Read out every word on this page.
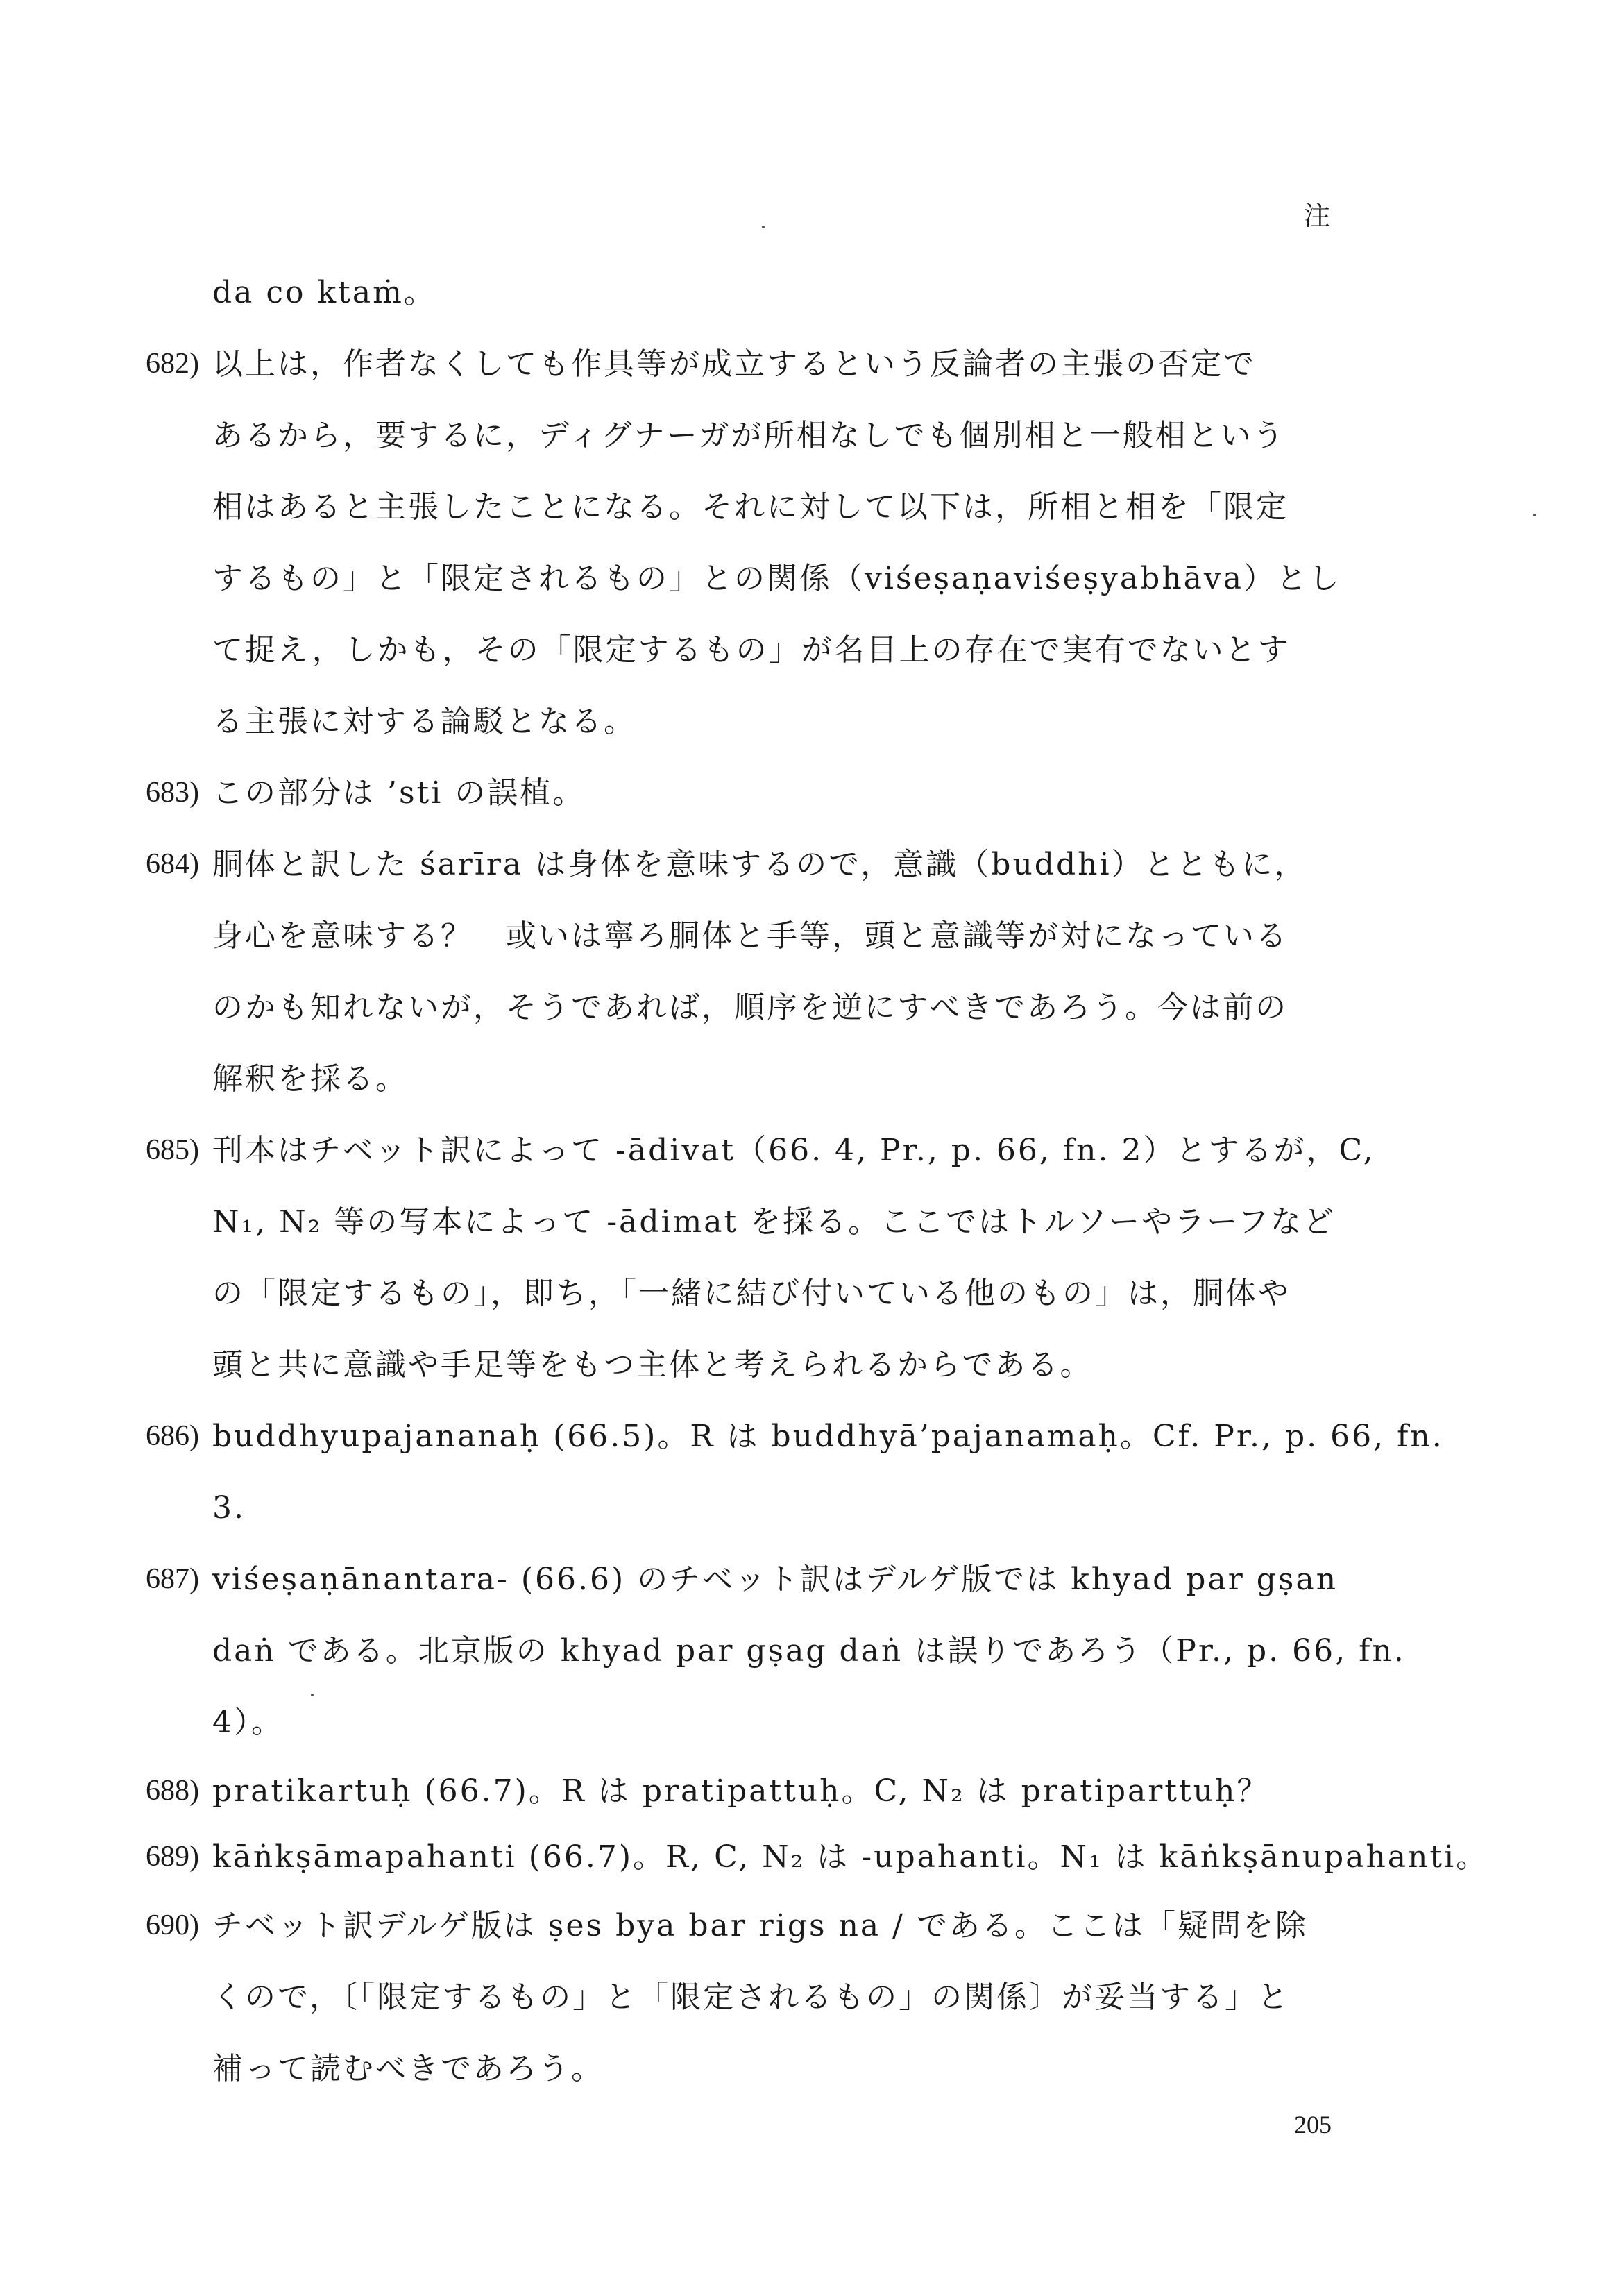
注
da co ktaṁ。
682) 以上は，作者なくしても作具等が成立するという反論者の主張の否定で
あるから，要するに，ディグナーガが所相なしでも個別相と一般相という
相はあると主張したことになる。それに対して以下は，所相と相を「限定
するもの」と「限定されるもの」との関係（viśeṣaṇaviśeṣyabhāva）とし
て捉え，しかも，その「限定するもの」が名目上の存在で実有でないとす
る主張に対する論駁となる。
683) この部分は ’sti の誤植。
684) 胴体と訳した śarīra は身体を意味するので，意識（buddhi）とともに，
身心を意味する？　或いは寧ろ胴体と手等，頭と意識等が対になっている
のかも知れないが，そうであれば，順序を逆にすべきであろう。今は前の
解釈を採る。
685) 刊本はチベット訳によって -ādivat（66. 4, Pr., p. 66, fn. 2）とするが，C,
N₁, N₂ 等の写本によって -ādimat を採る。ここではトルソーやラーフなど
の「限定するもの」，即ち，「一緒に結び付いている他のもの」は，胴体や
頭と共に意識や手足等をもつ主体と考えられるからである。
686) buddhyupajananaḥ (66.5)。R は buddhyā’pajanamaḥ。Cf. Pr., p. 66, fn.
3.
687) viśeṣaṇānantara- (66.6) のチベット訳はデルゲ版では khyad par gṣan
daṅ である。北京版の khyad par gṣag daṅ は誤りであろう（Pr., p. 66, fn.
4）。
688) pratikartuḥ (66.7)。R は pratipattuḥ。C, N₂ は pratiparttuḥ？
689) kāṅkṣāmapahanti (66.7)。R, C, N₂ は -upahanti。N₁ は kāṅkṣānupahanti。
690) チベット訳デルゲ版は ṣes bya bar rigs na / である。ここは「疑問を除
くので，〔「限定するもの」と「限定されるもの」の関係〕が妥当する」と
補って読むべきであろう。
205
